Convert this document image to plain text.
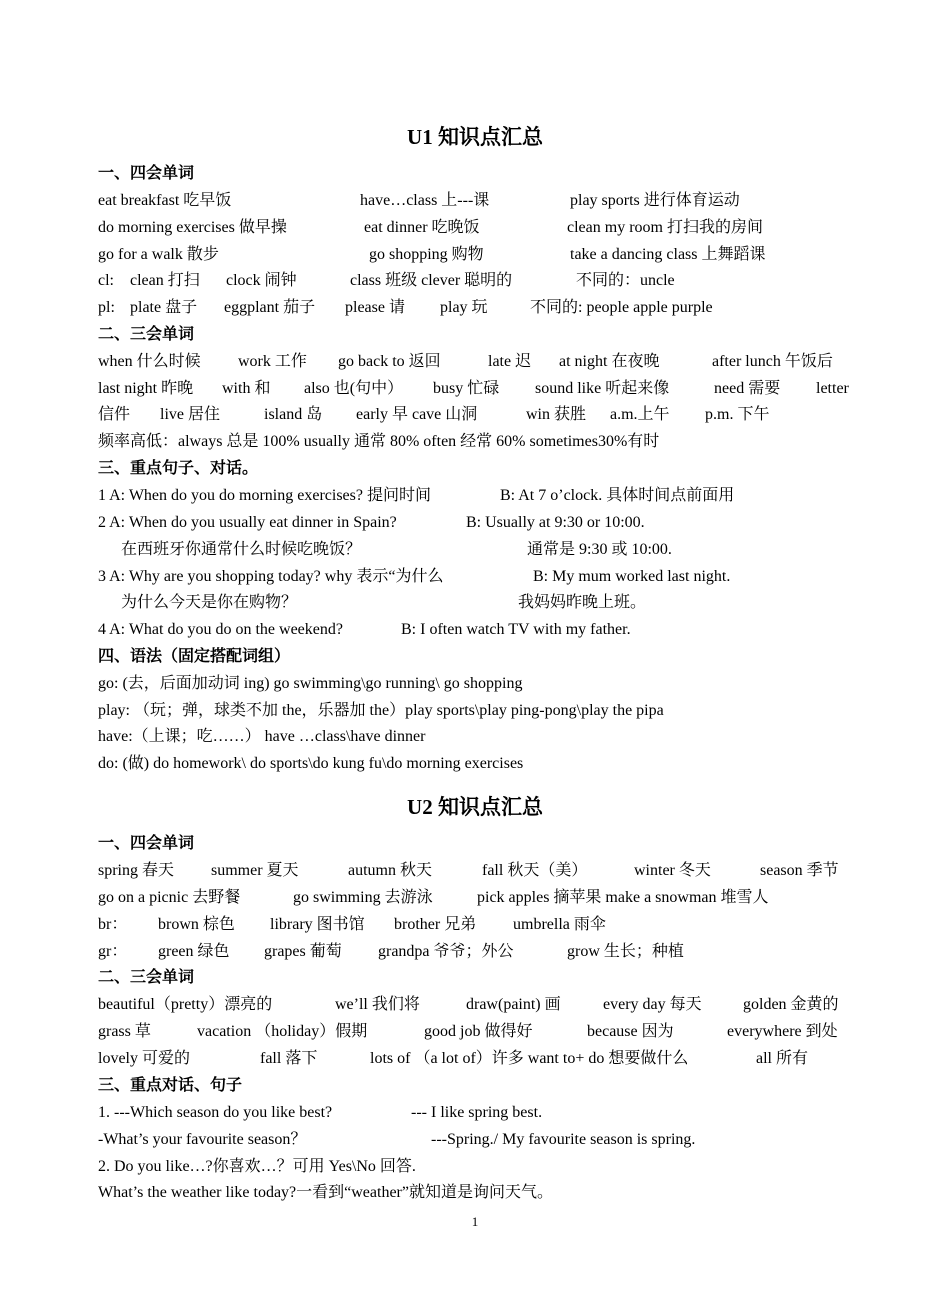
U1 知识点汇总
一、四会单词
eat breakfast 吃早饭	have…class 上---课	play sports 进行体育运动
do morning exercises 做早操	eat dinner 吃晚饭	clean my room 打扫我的房间
go for a walk 散步	go shopping 购物	take a dancing class 上舞蹈课
cl: clean 打扫 clock 闹钟	class 班级 clever 聪明的	不同的：uncle
pl: plate 盘子 eggplant 茄子 please 请 play 玩	不同的: people apple purple
二、三会单词
when 什么时候 work 工作 go back to 返回	late 迟 at night 在夜晚	after lunch 午饭后
last night 昨晚 with 和 also 也(句中） busy 忙碌 sound like 听起来像	need 需要 letter
信件 live 居住	island 岛 early 早 cave 山洞	win 获胜 a.m.上午 p.m. 下午
频率高低：always 总是 100% usually 通常 80% often 经常 60% sometimes30%有时
三、重点句子、对话。
1 A: When do you do morning exercises? 提问时间	B: At 7 o’clock. 具体时间点前面用
2 A: When do you usually eat dinner in Spain?	B: Usually at 9:30 or 10:00.
在西班牙你通常什么时候吃晚饭？	通常是 9:30 或 10:00.
3 A: Why are you shopping today? why 表示“为什么	B: My mum worked last night.
为什么今天是你在购物？	我妈妈昨晚上班。
4 A: What do you do on the weekend?	B: I often watch TV with my father.
四、语法（固定搭配词组）
go: (去，后面加动词 ing) go swimming\go running\ go shopping
play: （玩；弹，球类不加 the，乐器加 the）play sports\play ping-pong\play the pipa
have:（上课；吃……） have …class\have dinner
do: (做) do homework\ do sports\do kung fu\do morning exercises
U2 知识点汇总
一、四会单词
spring 春天 summer 夏天	autumn 秋天	fall 秋天（美）	winter 冬天	season 季节
go on a picnic 去野餐	go swimming 去游泳	pick apples 摘苹果 make a snowman 堆雪人
br： brown 棕色 library 图书馆 brother 兄弟 umbrella 雨伞
gr： green 绿色 grapes 葡萄 grandpa 爷爷；外公	grow 生长；种植
二、三会单词
beautiful（pretty）漂亮的	we’ll 我们将	draw(paint) 画	every day 每天	golden 金黄的
grass 草	vacation （holiday）假期	good job 做得好	because 因为	everywhere 到处
lovely 可爱的	fall 落下	lots of （a lot of）许多 want to+ do 想要做什么	all 所有
三、重点对话、句子
1. ---Which season do you like best?	--- I like spring best.
-What’s your favourite season？	---Spring./ My favourite season is spring.
2. Do you like…?你喜欢…？可用 Yes\No 回答.
What’s the weather like today?一看到“weather”就知道是询问天气。
1
